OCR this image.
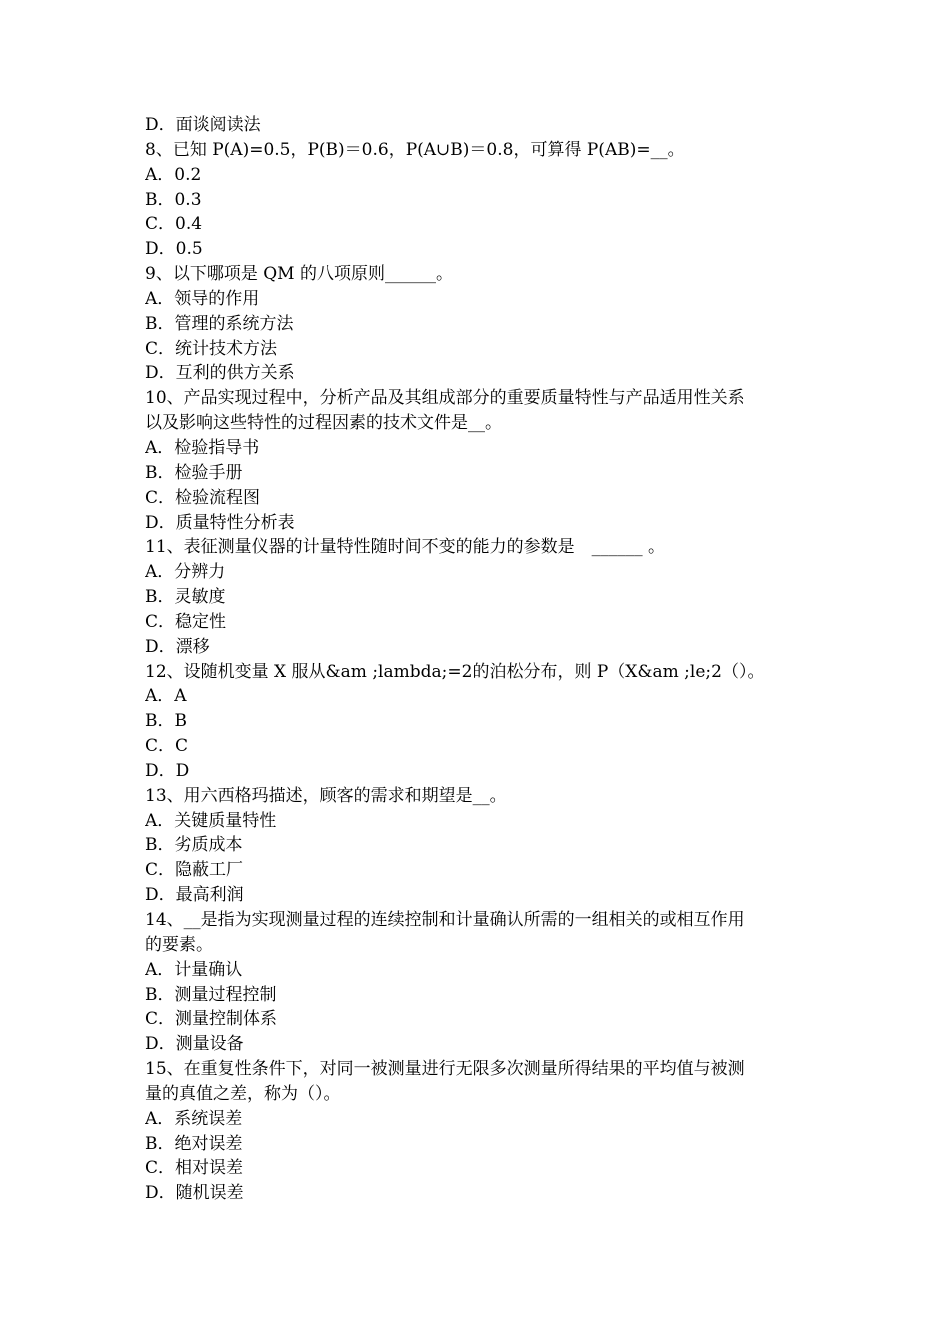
D．面谈阅读法
8、已知 P(A)=0.5，P(B)＝0.6，P(A∪B)＝0.8，可算得 P(AB)=__。
A．0.2
B．0.3
C．0.4
D．0.5
9、以下哪项是 QM 的八项原则______。
A．领导的作用
B．管理的系统方法
C．统计技术方法
D．互利的供方关系
10、产品实现过程中，分析产品及其组成部分的重要质量特性与产品适用性关系
以及影响这些特性的过程因素的技术文件是__。
A．检验指导书
B．检验手册
C．检验流程图
D．质量特性分析表
11、表征测量仪器的计量特性随时间不变的能力的参数是　______ 。
A．分辨力
B．灵敏度
C．稳定性
D．漂移
12、设随机变量 X 服从&am ;lambda;=2的泊松分布，则 P（X&am ;le;2（）。
A．A
B．B
C．C
D．D
13、用六西格玛描述，顾客的需求和期望是__。
A．关键质量特性
B．劣质成本
C．隐蔽工厂
D．最高利润
14、__是指为实现测量过程的连续控制和计量确认所需的一组相关的或相互作用
的要素。
A．计量确认
B．测量过程控制
C．测量控制体系
D．测量设备
15、在重复性条件下，对同一被测量进行无限多次测量所得结果的平均值与被测
量的真值之差，称为（）。
A．系统误差
B．绝对误差
C．相对误差
D．随机误差
